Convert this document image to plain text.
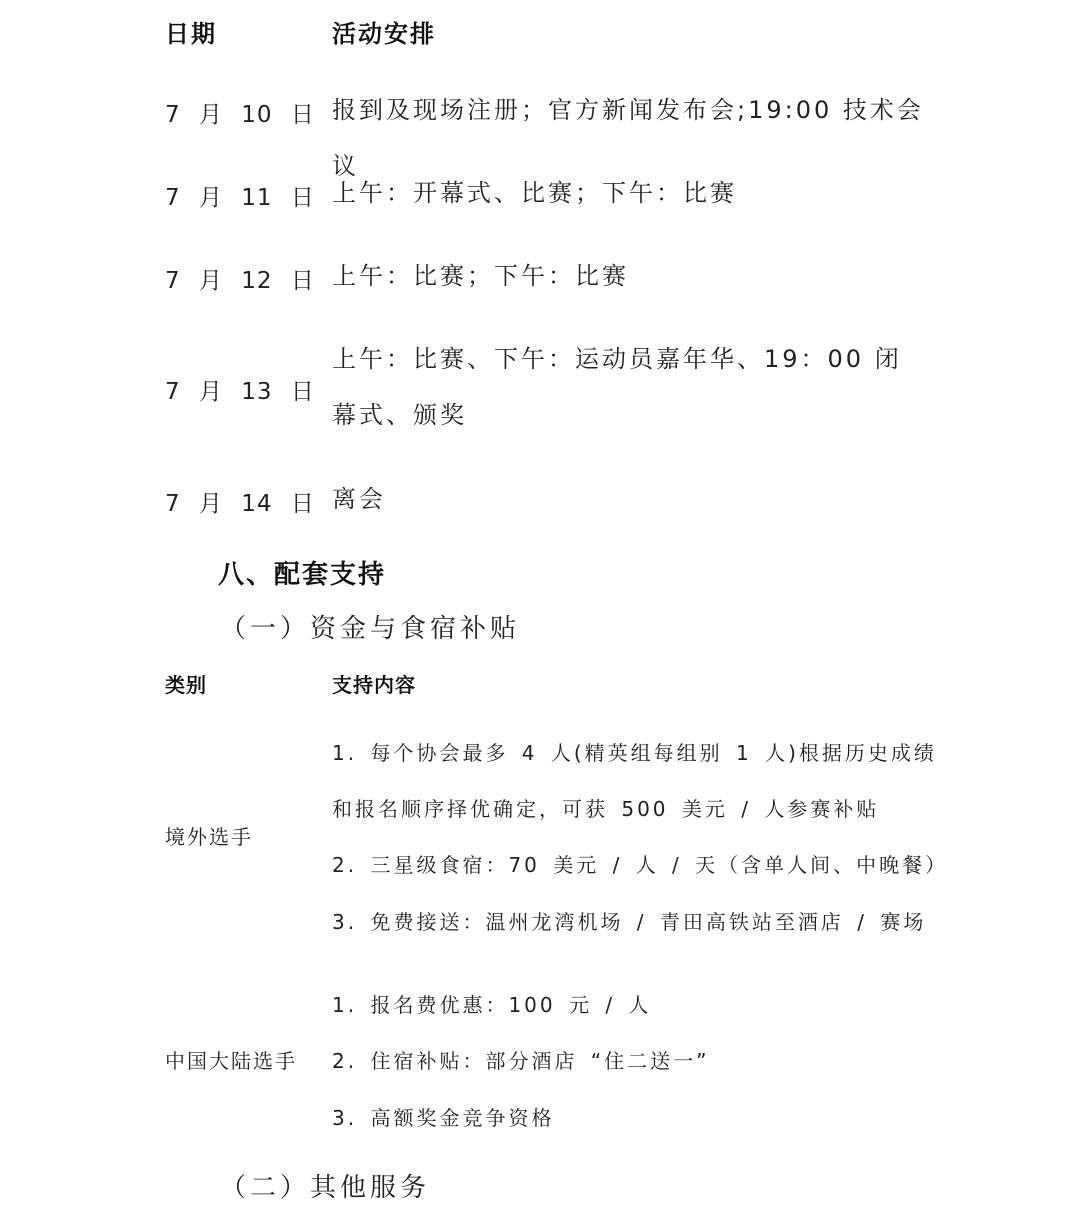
日期	活动安排
7 月 10 日 报到及现场注册；官方新闻发布会;19:00 技术会议
7 月 11 日 上午：开幕式、比赛；下午：比赛
7 月 12 日 上午：比赛；下午：比赛
7 月 13 日
上午：比赛、下午：运动员嘉年华、19：00 闭幕式、颁奖
7 月 14 日 离会
八、配套支持
（一）资金与食宿补贴
类别	支持内容
境外选手
1. 每个协会最多 4 人(精英组每组别 1 人)根据历史成绩
和报名顺序择优确定，可获 500 美元 / 人参赛补贴
2. 三星级食宿：70 美元 / 人 / 天（含单人间、中晚餐）
3. 免费接送：温州龙湾机场 / 青田高铁站至酒店 / 赛场
中国大陆选手
1. 报名费优惠：100 元 / 人
2. 住宿补贴：部分酒店 “住二送一”
3. 高额奖金竞争资格
（二）其他服务
